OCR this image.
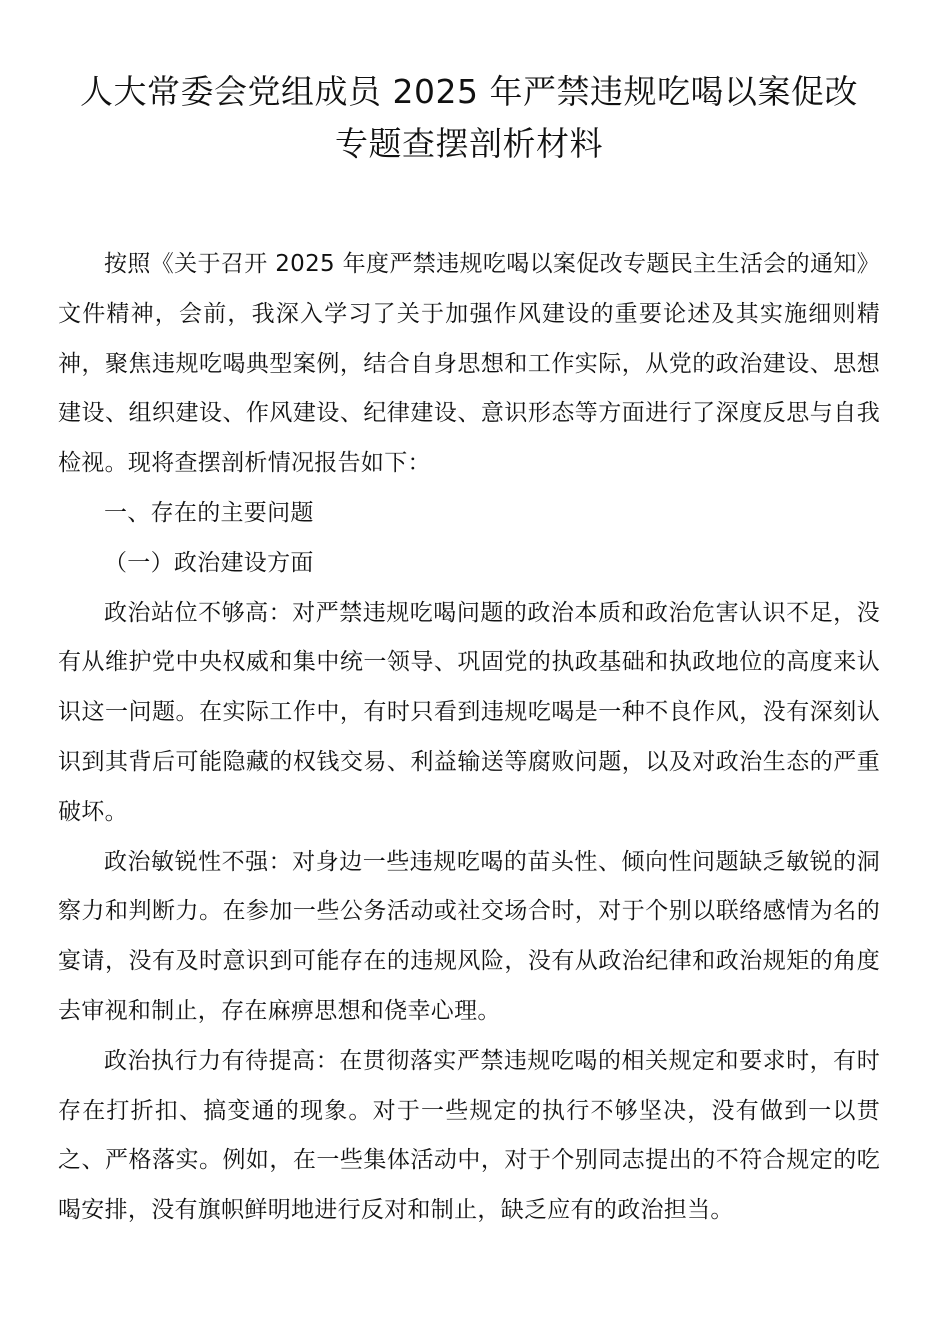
人大常委会党组成员 2025 年严禁违规吃喝以案促改
专题查摆剖析材料

按照《关于召开 2025 年度严禁违规吃喝以案促改专题民主生活会的通知》文件精神，会前，我深入学习了关于加强作风建设的重要论述及其实施细则精神，聚焦违规吃喝典型案例，结合自身思想和工作实际，从党的政治建设、思想建设、组织建设、作风建设、纪律建设、意识形态等方面进行了深度反思与自我检视。现将查摆剖析情况报告如下：

一、存在的主要问题

（一）政治建设方面

政治站位不够高：对严禁违规吃喝问题的政治本质和政治危害认识不足，没有从维护党中央权威和集中统一领导、巩固党的执政基础和执政地位的高度来认识这一问题。在实际工作中，有时只看到违规吃喝是一种不良作风，没有深刻认识到其背后可能隐藏的权钱交易、利益输送等腐败问题，以及对政治生态的严重破坏。

政治敏锐性不强：对身边一些违规吃喝的苗头性、倾向性问题缺乏敏锐的洞察力和判断力。在参加一些公务活动或社交场合时，对于个别以联络感情为名的宴请，没有及时意识到可能存在的违规风险，没有从政治纪律和政治规矩的角度去审视和制止，存在麻痹思想和侥幸心理。

政治执行力有待提高：在贯彻落实严禁违规吃喝的相关规定和要求时，有时存在打折扣、搞变通的现象。对于一些规定的执行不够坚决，没有做到一以贯之、严格落实。例如，在一些集体活动中，对于个别同志提出的不符合规定的吃喝安排，没有旗帜鲜明地进行反对和制止，缺乏应有的政治担当。
